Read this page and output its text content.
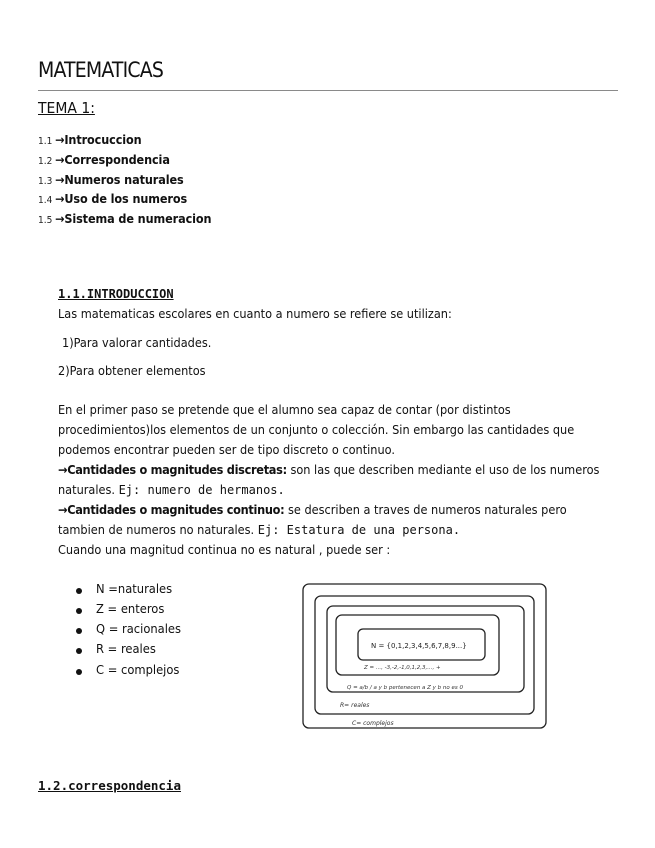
MATEMATICAS
TEMA 1:
1.1 →Introcuccion
1.2 →Correspondencia
1.3 →Numeros naturales
1.4 →Uso de los numeros
1.5 →Sistema de numeracion
1.1.INTRODUCCION
Las matematicas escolares en cuanto a numero se refiere se utilizan:
1)Para valorar cantidades.
2)Para obtener elementos
En el primer paso se pretende que el alumno sea capaz de contar (por distintos
procedimientos)los elementos de un conjunto o colección. Sin embargo las cantidades que
podemos encontrar pueden ser de tipo discreto o continuo.
→Cantidades o magnitudes discretas: son las que describen mediante el uso de los numeros
naturales. Ej: numero de hermanos.
→Cantidades o magnitudes continuo: se describen a traves de numeros naturales pero
tambien de numeros no naturales. Ej: Estatura de una persona.
Cuando una magnitud continua no es natural , puede ser :
N =naturales
Z = enteros
Q = racionales
R = reales
C = complejos
N = {0,1,2,3,4,5,6,7,8,9...}
Z = ..., -3,-2,-1,0,1,2,3,..., +
Q = a/b / a y b pertenecen a Z y b no es 0
R= reales
C= complejos
1.2.correspondencia
